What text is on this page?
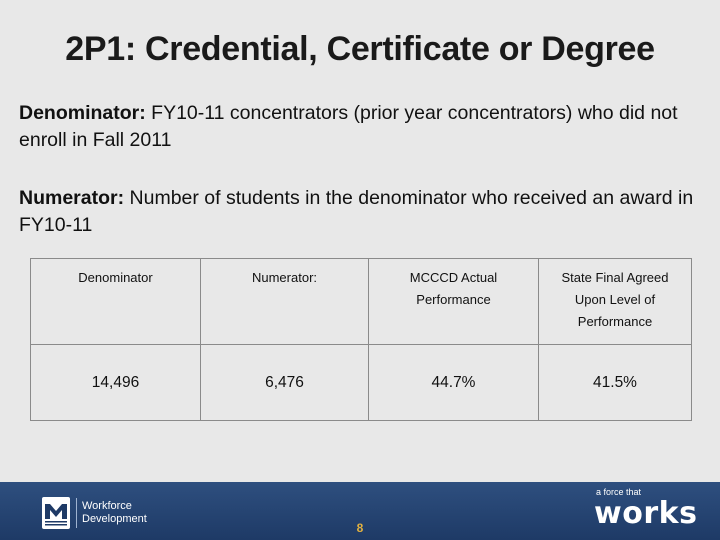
2P1: Credential, Certificate or Degree
Denominator: FY10-11 concentrators (prior year concentrators) who did not enroll in Fall 2011
Numerator: Number of students in the denominator who received an award in FY10-11
Denominator	Numerator:	MCCCD Actual Performance	State Final Agreed Upon Level of Performance
14,496	6,476	44.7%	41.5%
Workforce
Development
8
a force that
works
